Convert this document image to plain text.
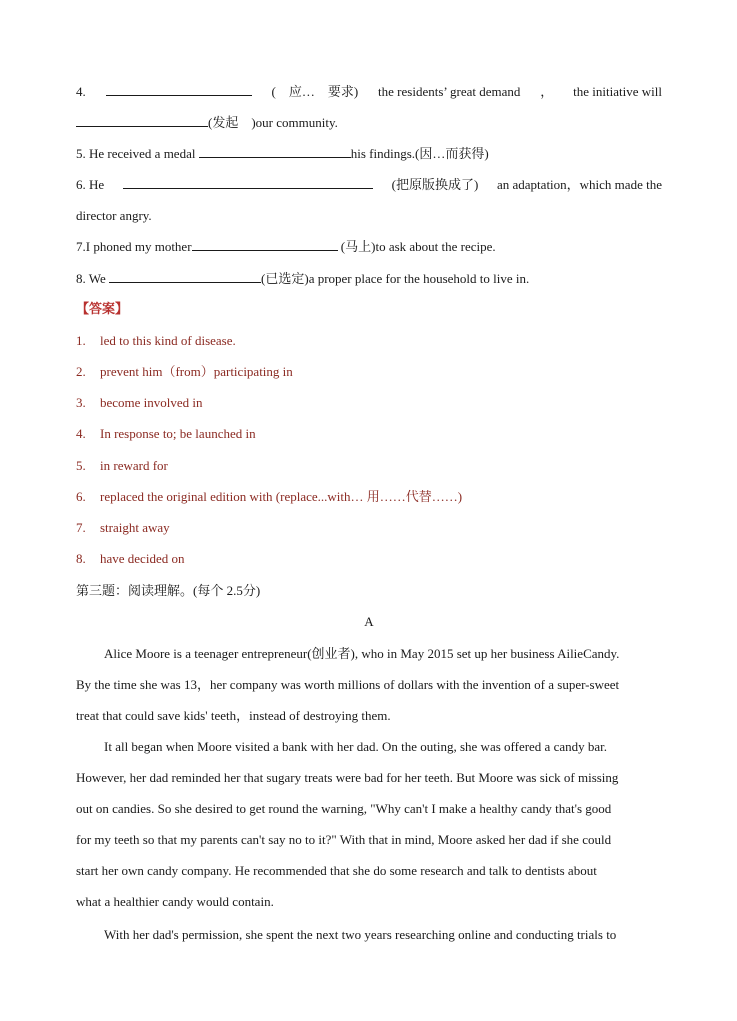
4.	(　应…　要求) the residents’ great demand ， the initiative will
(发起　)our community.
5. He received a medal	his findings.(因…而获得)
6. He	(把原版换成了) an adaptation，which made the
director angry.
7.I phoned my mother	(马上)to ask about the recipe.
8. We	(已选定)a proper place for the household to live in.
【答案】
1. led to this kind of disease.
2. prevent him（from）participating in
3. become involved in
4. In response to; be launched in
5. in reward for
6. replaced the original edition with (replace...with… 用……代替……)
7. straight away
8. have decided on
第三题：阅读理解。(每个 2.5分)
A
Alice Moore is a teenager entrepreneur(创业者), who in May 2015 set up her business AilieCandy.
By the time she was 13，her company was worth millions of dollars with the invention of a super-sweet
treat that could save kids' teeth，instead of destroying them.
It all began when Moore visited a bank with her dad. On the outing, she was offered a candy bar.
However, her dad reminded her that sugary treats were bad for her teeth. But Moore was sick of missing
out on candies. So she desired to get round the warning, "Why can't I make a healthy candy that's good
for my teeth so that my parents can't say no to it?" With that in mind, Moore asked her dad if she could
start her own candy company. He recommended that she do some research and talk to dentists about
what a healthier candy would contain.
With her dad's permission, she spent the next two years researching online and conducting trials to
